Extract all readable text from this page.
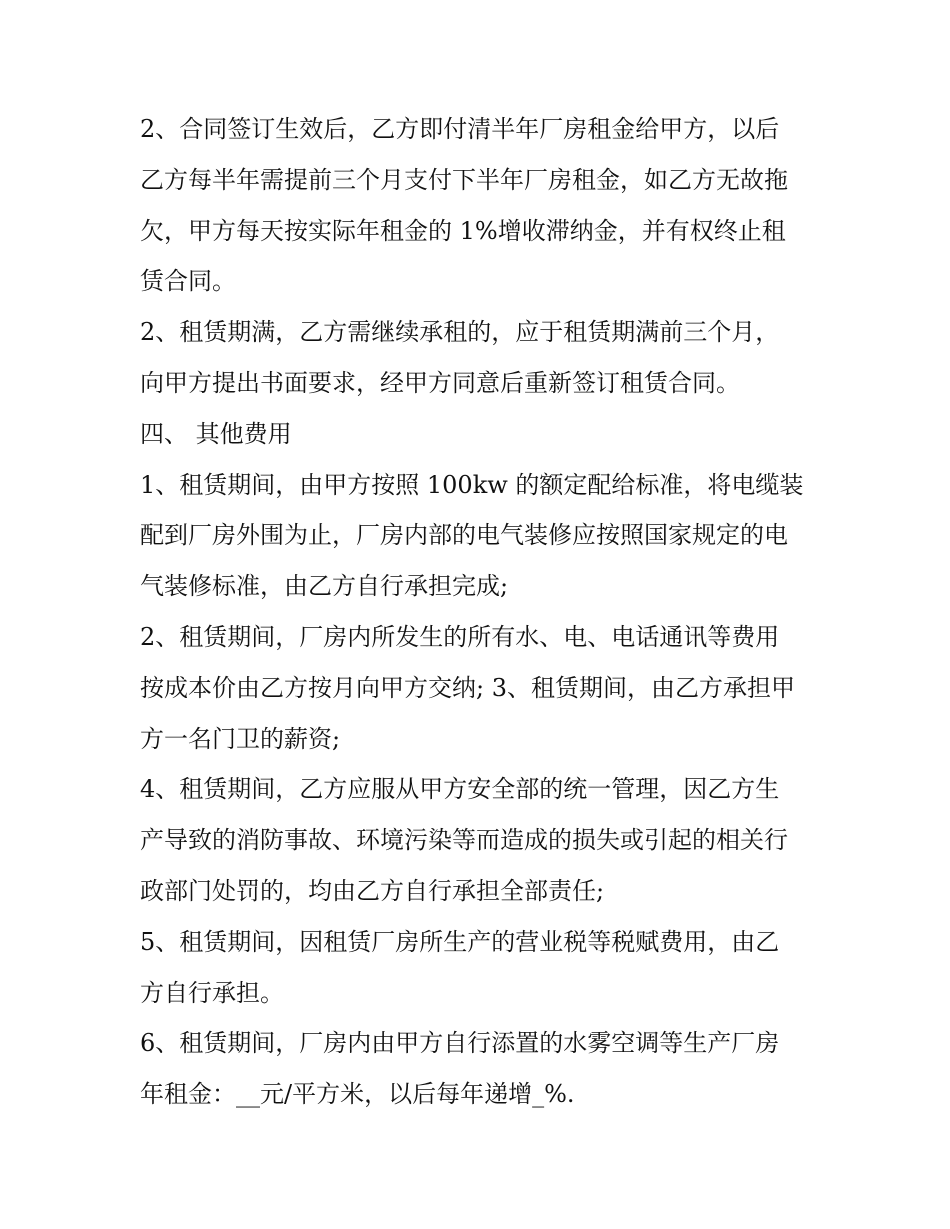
2、合同签订生效后，乙方即付清半年厂房租金给甲方，以后
乙方每半年需提前三个月支付下半年厂房租金，如乙方无故拖
欠，甲方每天按实际年租金的 1%增收滞纳金，并有权终止租
赁合同。
2、租赁期满，乙方需继续承租的，应于租赁期满前三个月，
向甲方提出书面要求，经甲方同意后重新签订租赁合同。
四、 其他费用
1、租赁期间，由甲方按照 100kw 的额定配给标准，将电缆装
配到厂房外围为止，厂房内部的电气装修应按照国家规定的电
气装修标准，由乙方自行承担完成;
2、租赁期间，厂房内所发生的所有水、电、电话通讯等费用
按成本价由乙方按月向甲方交纳; 3、租赁期间，由乙方承担甲
方一名门卫的薪资;
4、租赁期间，乙方应服从甲方安全部的统一管理，因乙方生
产导致的消防事故、环境污染等而造成的损失或引起的相关行
政部门处罚的，均由乙方自行承担全部责任;
5、租赁期间，因租赁厂房所生产的营业税等税赋费用，由乙
方自行承担。
6、租赁期间，厂房内由甲方自行添置的水雾空调等生产厂房
年租金：__元/平方米，以后每年递增_%.
